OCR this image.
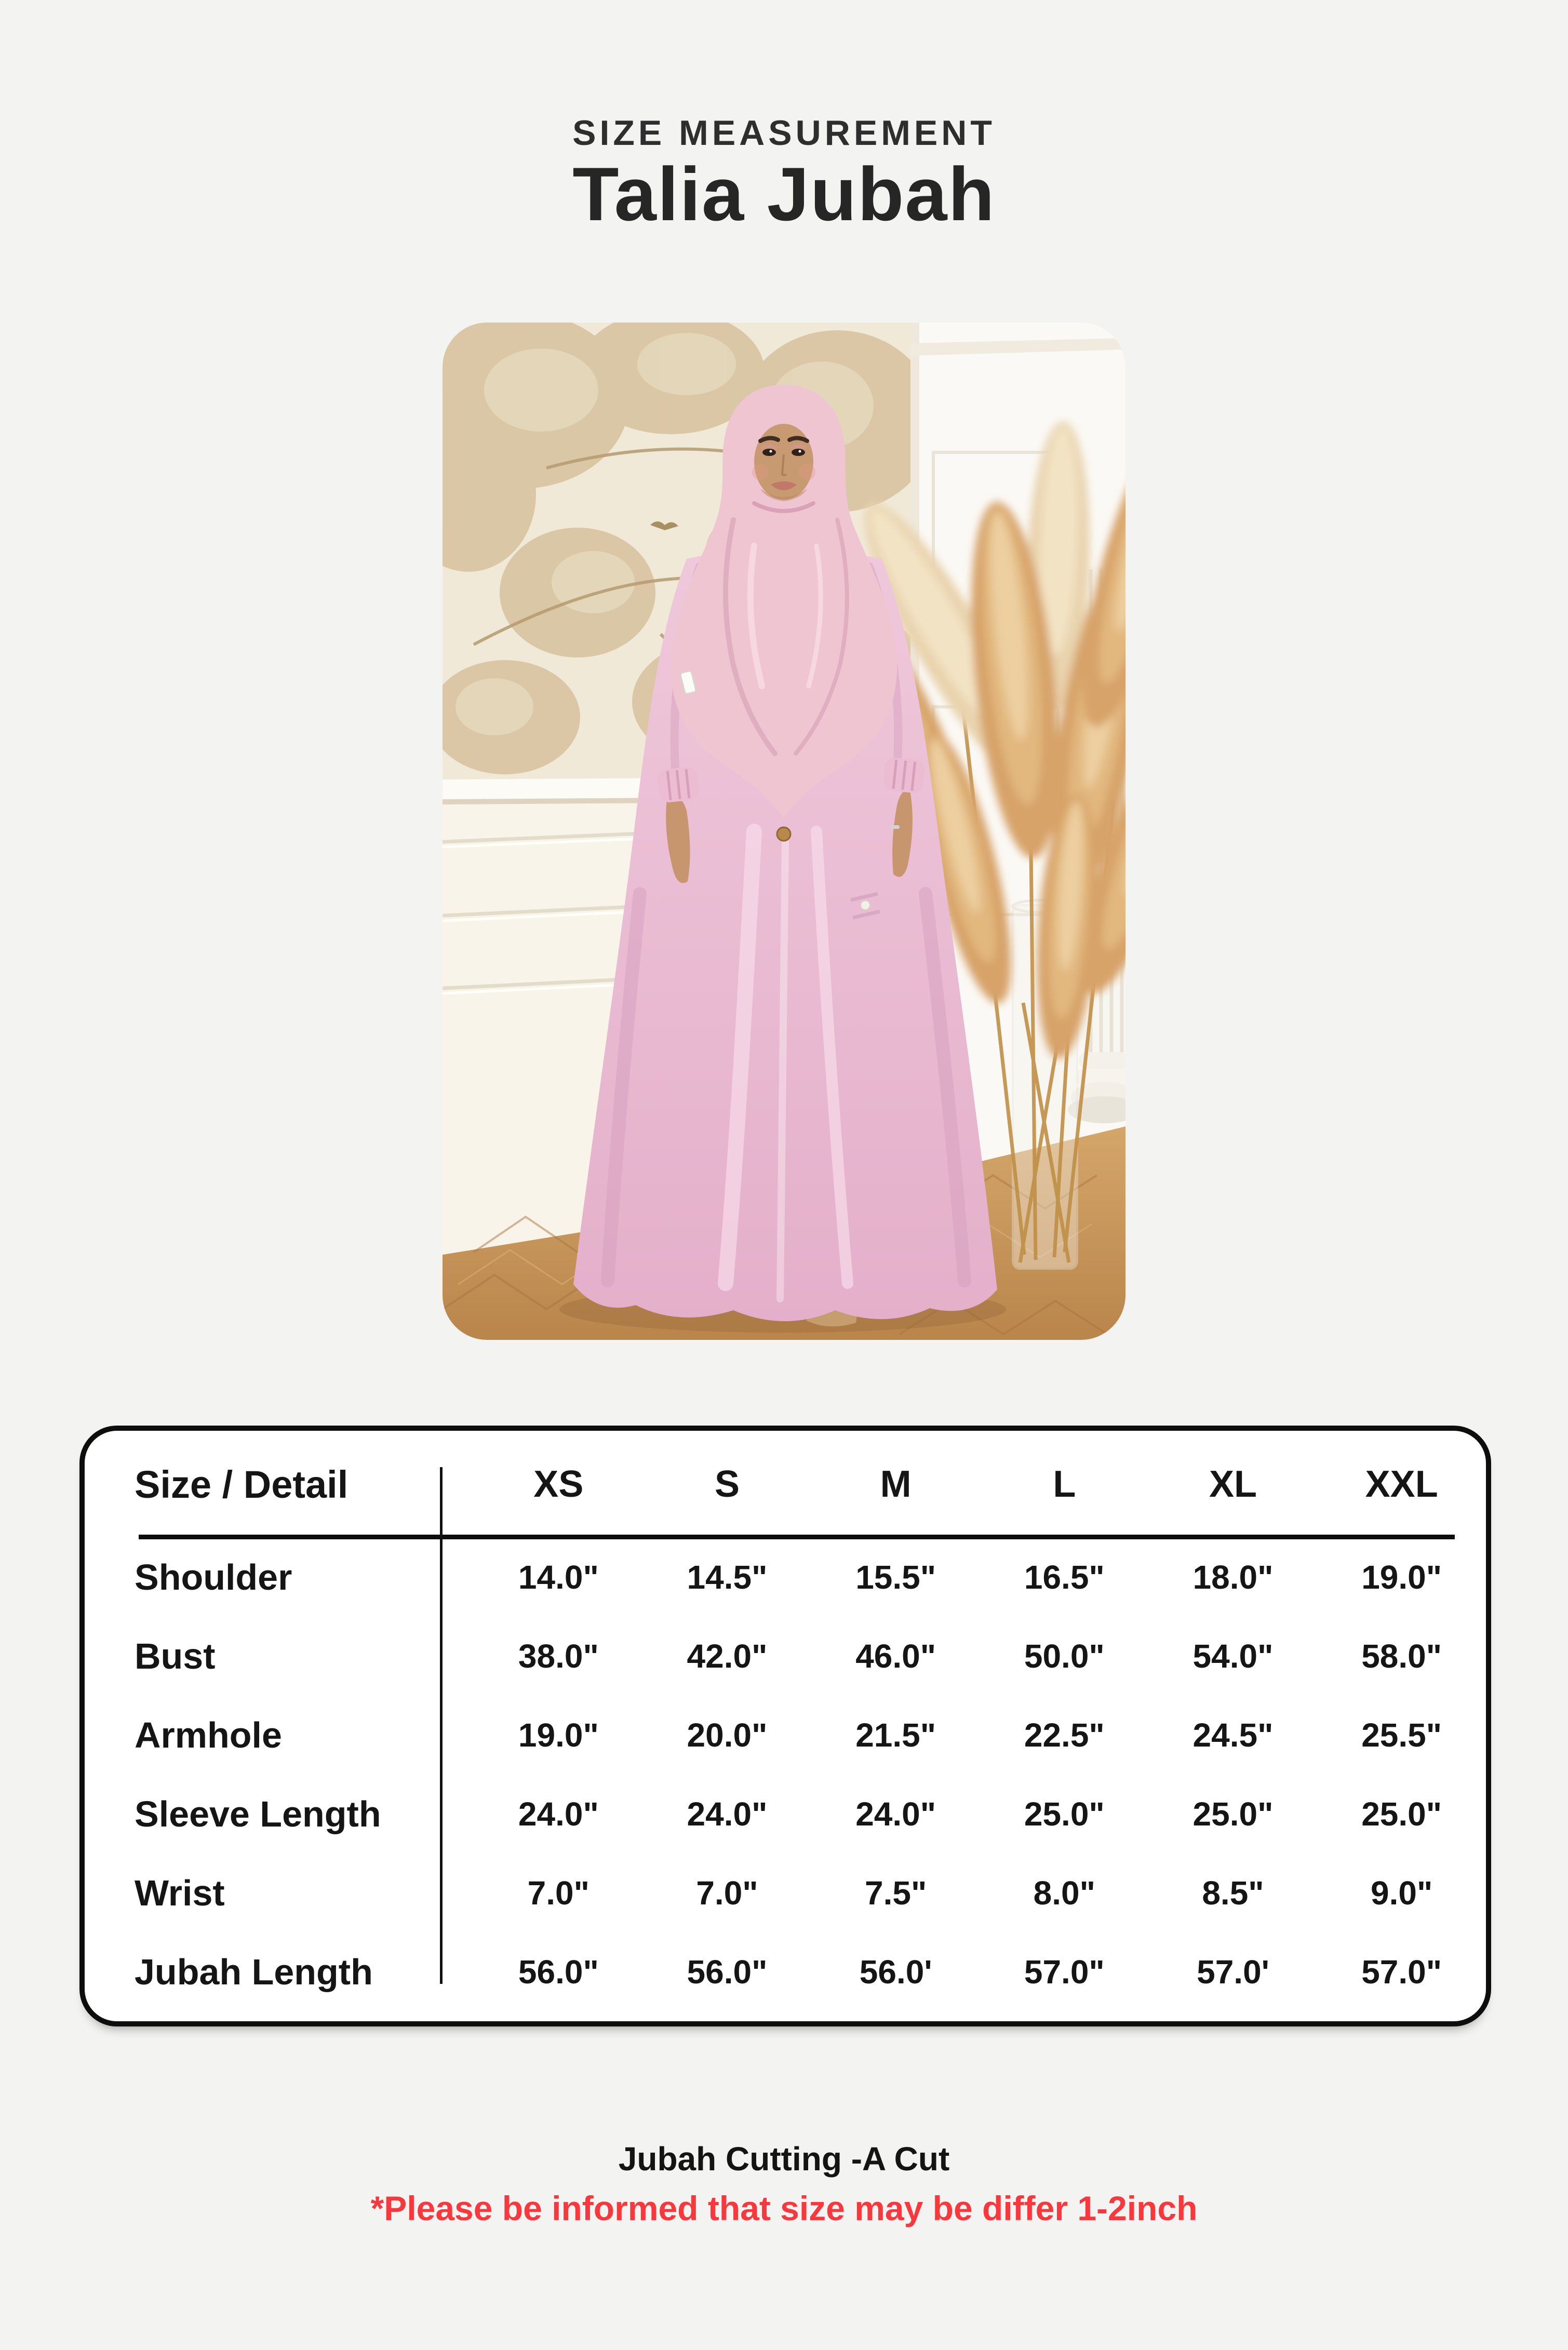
SIZE MEASUREMENT
Talia Jubah
Size / Detail	XS	S	M	L	XL	XXL
Shoulder	14.0"	14.5"	15.5"	16.5"	18.0"	19.0"
Bust	38.0"	42.0"	46.0"	50.0"	54.0"	58.0"
Armhole	19.0"	20.0"	21.5"	22.5"	24.5"	25.5"
Sleeve Length	24.0"	24.0"	24.0"	25.0"	25.0"	25.0"
Wrist	7.0"	7.0"	7.5"	8.0"	8.5"	9.0"
Jubah Length	56.0"	56.0"	56.0'	57.0"	57.0'	57.0"
Jubah Cutting -A Cut
*Please be informed that size may be differ 1-2inch
